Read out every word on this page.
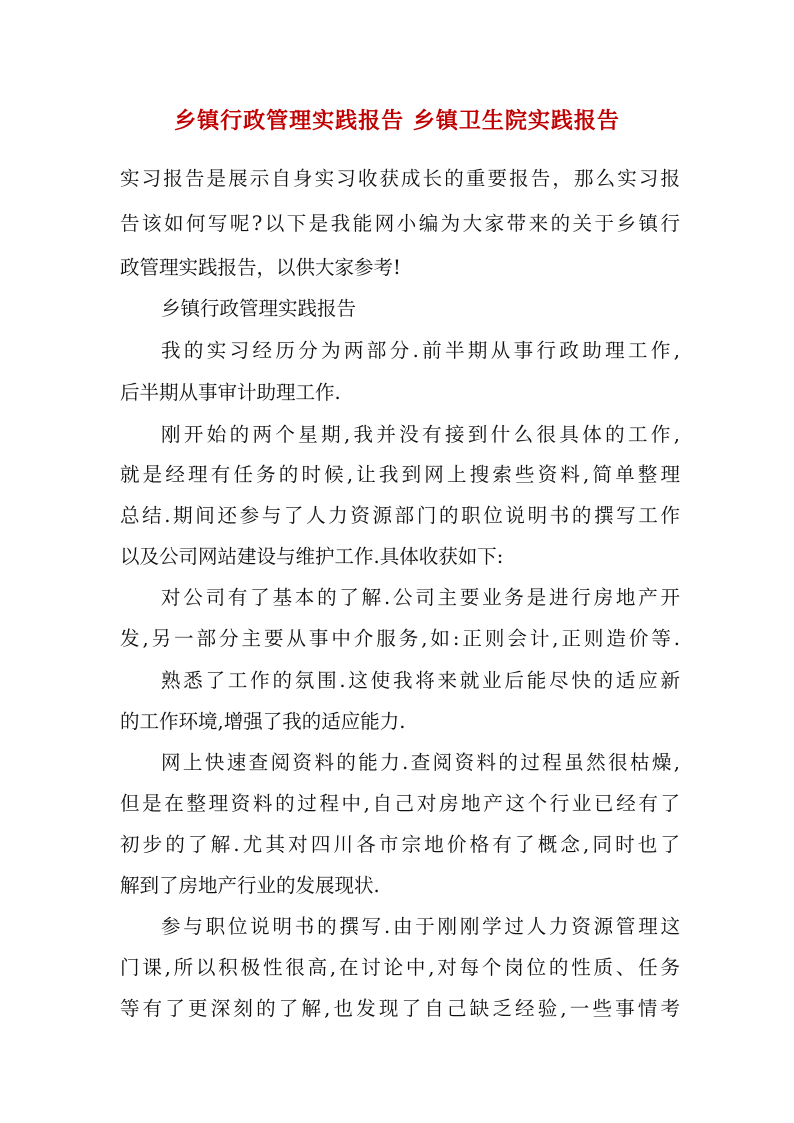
乡镇行政管理实践报告 乡镇卫生院实践报告
实习报告是展示自身实习收获成长的重要报告，那么实习报
告该如何写呢?以下是我能网小编为大家带来的关于乡镇行
政管理实践报告，以供大家参考!
乡镇行政管理实践报告
我的实习经历分为两部分.前半期从事行政助理工作,
后半期从事审计助理工作.
刚开始的两个星期,我并没有接到什么很具体的工作,
就是经理有任务的时候,让我到网上搜索些资料,简单整理
总结.期间还参与了人力资源部门的职位说明书的撰写工作
以及公司网站建设与维护工作.具体收获如下:
对公司有了基本的了解.公司主要业务是进行房地产开
发,另一部分主要从事中介服务,如:正则会计,正则造价等.
熟悉了工作的氛围.这使我将来就业后能尽快的适应新
的工作环境,增强了我的适应能力.
网上快速查阅资料的能力.查阅资料的过程虽然很枯燥,
但是在整理资料的过程中,自己对房地产这个行业已经有了
初步的了解.尤其对四川各市宗地价格有了概念,同时也了
解到了房地产行业的发展现状.
参与职位说明书的撰写.由于刚刚学过人力资源管理这
门课,所以积极性很高,在讨论中,对每个岗位的性质、任务
等有了更深刻的了解,也发现了自己缺乏经验,一些事情考
